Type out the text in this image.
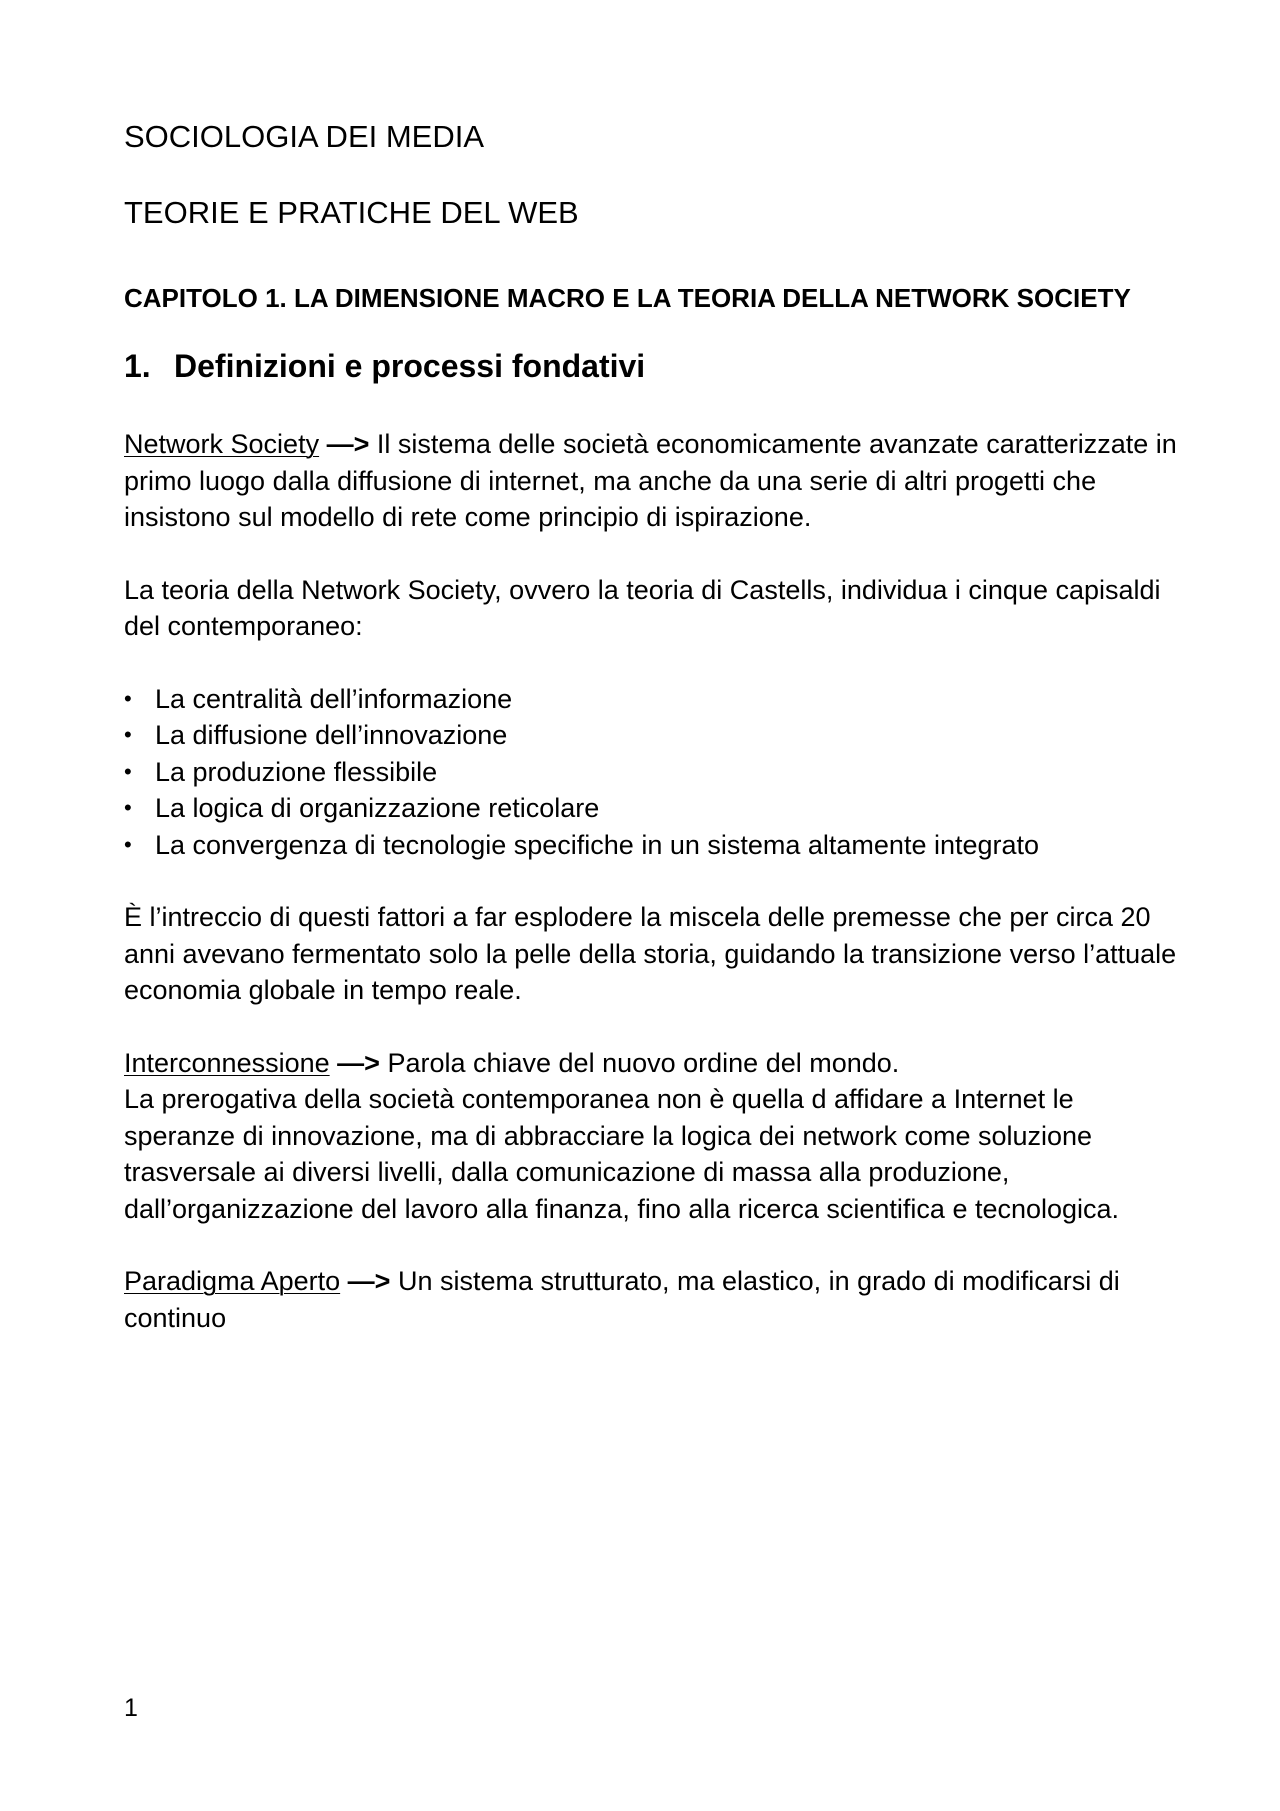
SOCIOLOGIA DEI MEDIA
TEORIE E PRATICHE DEL WEB
CAPITOLO 1. LA DIMENSIONE MACRO E LA TEORIA DELLA NETWORK SOCIETY
1. Definizioni e processi fondativi

Network Society —> Il sistema delle società economicamente avanzate caratterizzate in primo luogo dalla diffusione di internet, ma anche da una serie di altri progetti che insistono sul modello di rete come principio di ispirazione.

La teoria della Network Society, ovvero la teoria di Castells, individua i cinque capisaldi del contemporaneo:

• La centralità dell’informazione
• La diffusione dell’innovazione
• La produzione flessibile
• La logica di organizzazione reticolare
• La convergenza di tecnologie specifiche in un sistema altamente integrato

È l’intreccio di questi fattori a far esplodere la miscela delle premesse che per circa 20 anni avevano fermentato solo la pelle della storia, guidando la transizione verso l’attuale economia globale in tempo reale.

Interconnessione —> Parola chiave del nuovo ordine del mondo.

La prerogativa della società contemporanea non è quella d affidare a Internet le speranze di innovazione, ma di abbracciare la logica dei network come soluzione trasversale ai diversi livelli, dalla comunicazione di massa alla produzione, dall’organizzazione del lavoro alla finanza, fino alla ricerca scientifica e tecnologica.

Paradigma Aperto —> Un sistema strutturato, ma elastico, in grado di modificarsi di continuo

1
